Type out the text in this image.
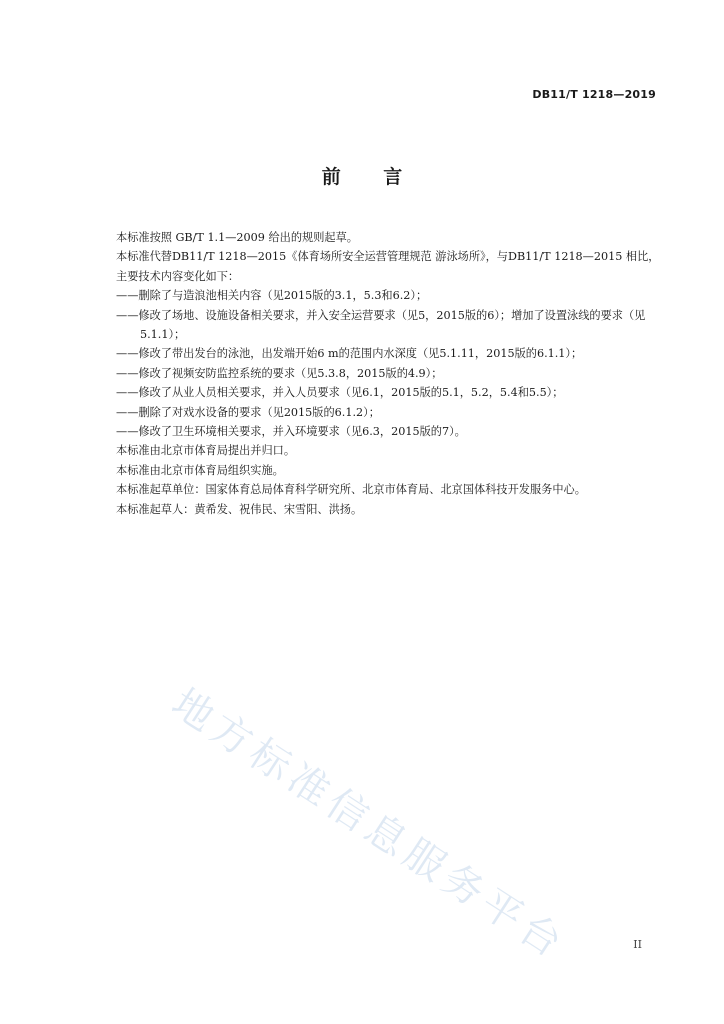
DB11/T 1218—2019
前 言

本标准按照 GB/T 1.1—2009 给出的规则起草。

本标准代替DB11/T 1218—2015《体育场所安全运营管理规范 游泳场所》，与DB11/T 1218—2015 相比，主要技术内容变化如下：

——删除了与造浪池相关内容（见2015版的3.1，5.3和6.2）；

——修改了场地、设施设备相关要求，并入安全运营要求（见5，2015版的6）；增加了设置泳线的要求（见5.1.1）；

——修改了带出发台的泳池，出发端开始6 m的范围内水深度（见5.1.11，2015版的6.1.1）；

——修改了视频安防监控系统的要求（见5.3.8，2015版的4.9）；

——修改了从业人员相关要求，并入人员要求（见6.1，2015版的5.1，5.2，5.4和5.5）；

——删除了对戏水设备的要求（见2015版的6.1.2）；

——修改了卫生环境相关要求，并入环境要求（见6.3，2015版的7）。

本标准由北京市体育局提出并归口。

本标准由北京市体育局组织实施。

本标准起草单位：国家体育总局体育科学研究所、北京市体育局、北京国体科技开发服务中心。

本标准起草人：黄希发、祝伟民、宋雪阳、洪扬。

地方标准信息服务平台	II
